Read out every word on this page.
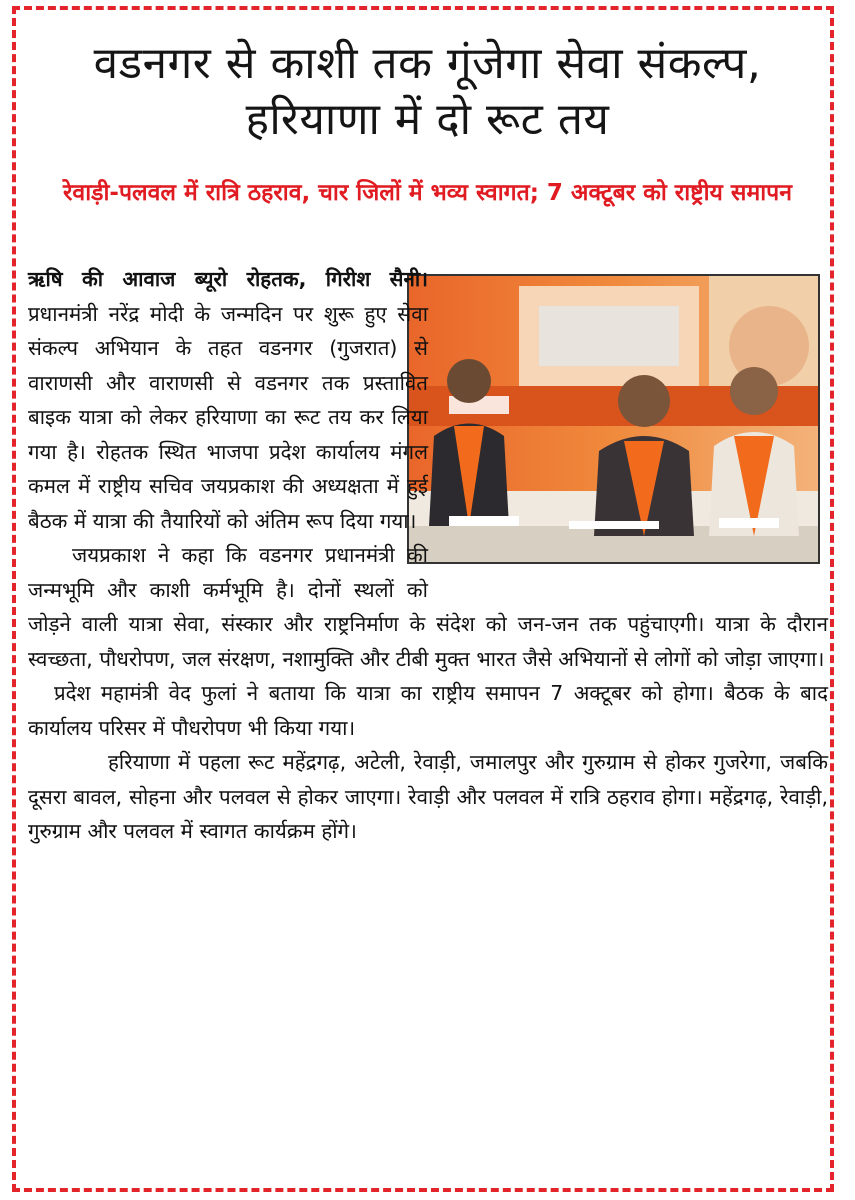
वडनगर से काशी तक गूंजेगा सेवा संकल्प,
हरियाणा में दो रूट तय
रेवाड़ी-पलवल में रात्रि ठहराव, चार जिलों में भव्य स्वागत; 7 अक्टूबर को राष्ट्रीय समापन

ऋषि की आवाज ब्यूरो रोहतक, गिरीश सैनी। प्रधानमंत्री नरेंद्र मोदी के जन्मदिन पर शुरू हुए सेवा संकल्प अभियान के तहत वडनगर (गुजरात) से वाराणसी और वाराणसी से वडनगर तक प्रस्तावित बाइक यात्रा को लेकर हरियाणा का रूट तय कर लिया गया है। रोहतक स्थित भाजपा प्रदेश कार्यालय मंगल कमल में राष्ट्रीय सचिव जयप्रकाश की अध्यक्षता में हुई बैठक में यात्रा की तैयारियों को अंतिम रूप दिया गया।

जयप्रकाश ने कहा कि वडनगर प्रधानमंत्री की जन्मभूमि और काशी कर्मभूमि है। दोनों स्थलों को जोड़ने वाली यात्रा सेवा, संस्कार और राष्ट्रनिर्माण के संदेश को जन-जन तक पहुंचाएगी। यात्रा के दौरान स्वच्छता, पौधरोपण, जल संरक्षण, नशामुक्ति और टीबी मुक्त भारत जैसे अभियानों से लोगों को जोड़ा जाएगा।

प्रदेश महामंत्री वेद फुलां ने बताया कि यात्रा का राष्ट्रीय समापन 7 अक्टूबर को होगा। बैठक के बाद कार्यालय परिसर में पौधरोपण भी किया गया।

हरियाणा में पहला रूट महेंद्रगढ़, अटेली, रेवाड़ी, जमालपुर और गुरुग्राम से होकर गुजरेगा, जबकि दूसरा बावल, सोहना और पलवल से होकर जाएगा। रेवाड़ी और पलवल में रात्रि ठहराव होगा। महेंद्रगढ़, रेवाड़ी, गुरुग्राम और पलवल में स्वागत कार्यक्रम होंगे।
